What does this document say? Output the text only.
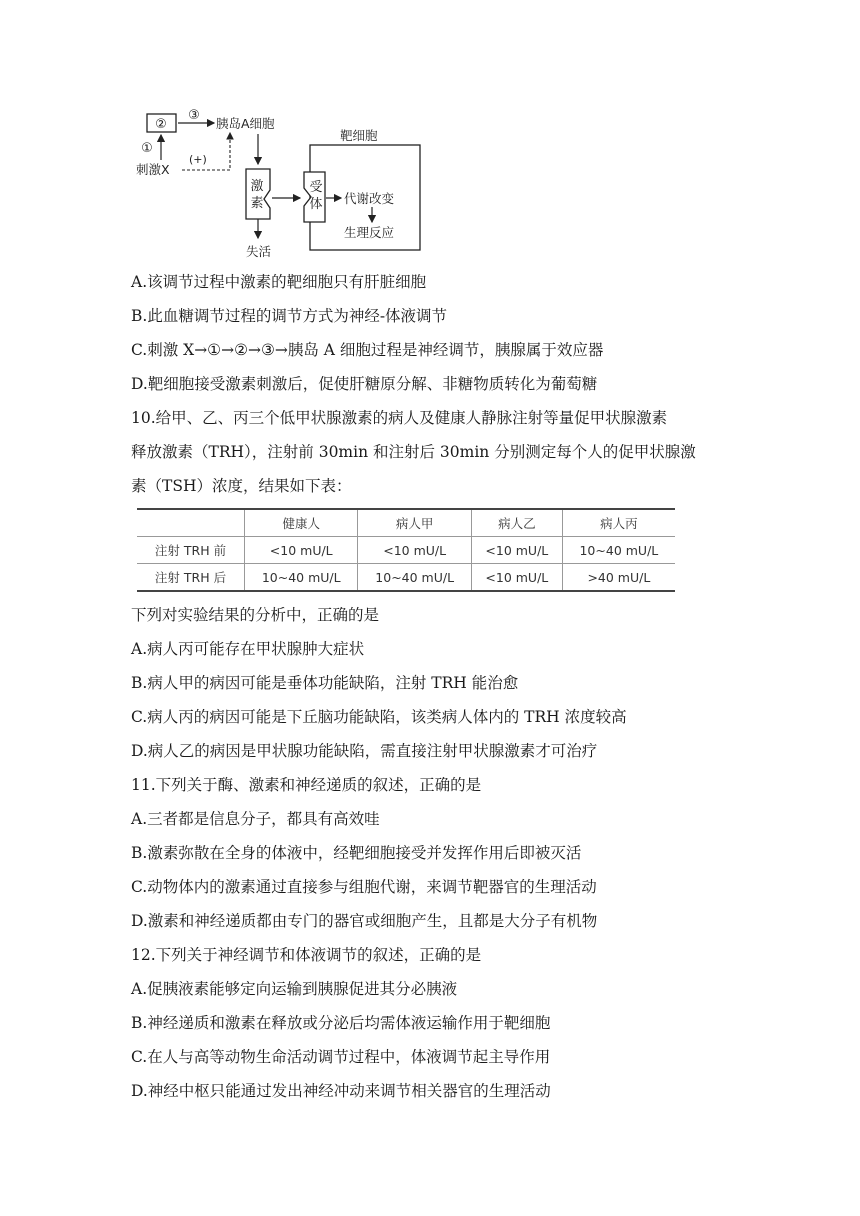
②
③
胰岛A细胞
①
刺激X
(+)
激
素
失活
靶细胞
受
体 代谢改变
生理反应
A.该调节过程中激素的靶细胞只有肝脏细胞
B.此血糖调节过程的调节方式为神经-体液调节
C.刺激 X→①→②→③→胰岛 A 细胞过程是神经调节，胰腺属于效应器
D.靶细胞接受激素刺激后，促使肝糖原分解、非糖物质转化为葡萄糖
10.给甲、乙、丙三个低甲状腺激素的病人及健康人静脉注射等量促甲状腺激素
释放激素（TRH），注射前 30min 和注射后 30min 分别测定每个人的促甲状腺激
素（TSH）浓度，结果如下表：
	健康人	病人甲	病人乙	病人丙
注射 TRH 前	<10 mU/L	<10 mU/L	<10 mU/L	10~40 mU/L
注射 TRH 后	10~40 mU/L	10~40 mU/L	<10 mU/L	>40 mU/L
下列对实验结果的分析中，正确的是
A.病人丙可能存在甲状腺肿大症状
B.病人甲的病因可能是垂体功能缺陷，注射 TRH 能治愈
C.病人丙的病因可能是下丘脑功能缺陷，该类病人体内的 TRH 浓度较高
D.病人乙的病因是甲状腺功能缺陷，需直接注射甲状腺激素才可治疗
11.下列关于酶、激素和神经递质的叙述，正确的是
A.三者都是信息分子，都具有高效哇
B.激素弥散在全身的体液中，经靶细胞接受并发挥作用后即被灭活
C.动物体内的激素通过直接参与组胞代谢，来调节靶器官的生理活动
D.激素和神经递质都由专门的器官或细胞产生，且都是大分子有机物
12.下列关于神经调节和体液调节的叙述，正确的是
A.促胰液素能够定向运输到胰腺促进其分必胰液
B.神经递质和激素在释放或分泌后均需体液运输作用于靶细胞
C.在人与高等动物生命活动调节过程中，体液调节起主导作用
D.神经中枢只能通过发出神经冲动来调节相关器官的生理活动
